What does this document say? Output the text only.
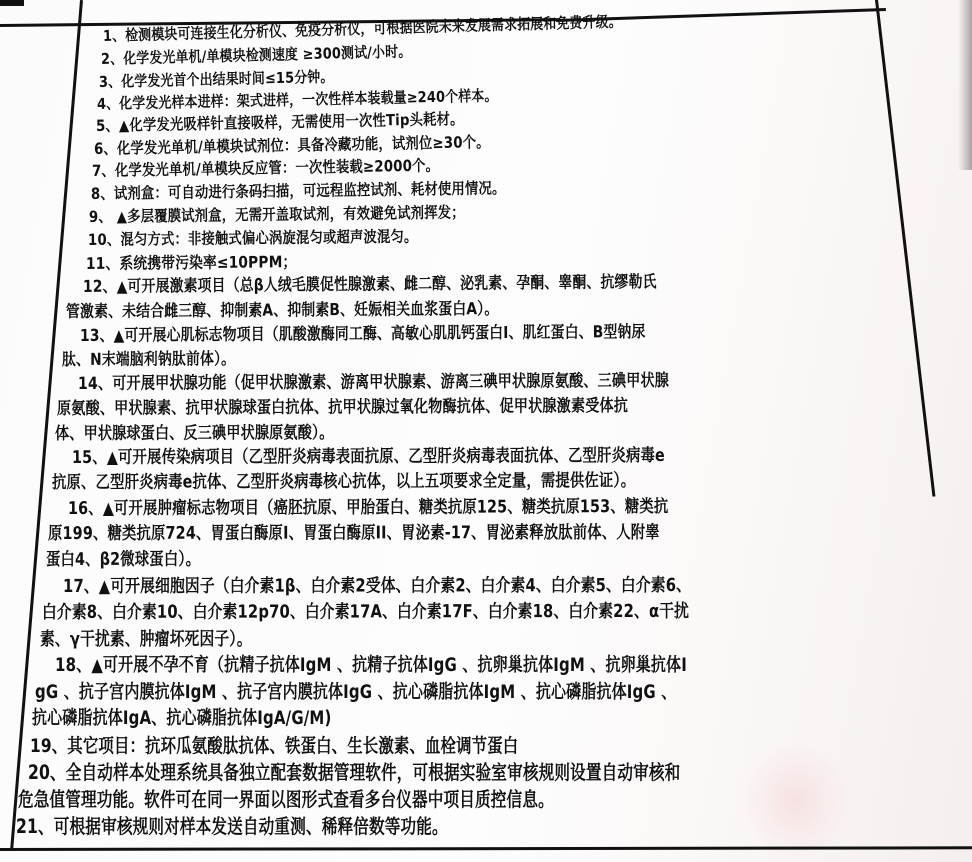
1、检测模块可连接生化分析仪、免疫分析仪，可根据医院未来发展需求拓展和免费升级。
2、化学发光单机/单模块检测速度 ≥300测试/小时。
3、化学发光首个出结果时间≤15分钟。
4、化学发光样本进样：架式进样，一次性样本装载量≥240个样本。
5、▲化学发光吸样针直接吸样，无需使用一次性Tip头耗材。
6、化学发光单机/单模块试剂位：具备冷藏功能，试剂位≥30个。
7、化学发光单机/单模块反应管：一次性装载≥2000个。
8、试剂盒：可自动进行条码扫描，可远程监控试剂、耗材使用情况。
9、 ▲多层覆膜试剂盒，无需开盖取试剂，有效避免试剂挥发；
10、混匀方式：非接触式偏心涡旋混匀或超声波混匀。
11、系统携带污染率≤10PPM；
12、▲可开展激素项目（总β人绒毛膜促性腺激素、雌二醇、泌乳素、孕酮、睾酮、抗缪勒氏
管激素、未结合雌三醇、抑制素A、抑制素B、妊娠相关血浆蛋白A）。
13、▲可开展心肌标志物项目（肌酸激酶同工酶、高敏心肌肌钙蛋白I、肌红蛋白、B型钠尿
肽、N末端脑利钠肽前体）。
14、可开展甲状腺功能（促甲状腺激素、游离甲状腺素、游离三碘甲状腺原氨酸、三碘甲状腺
原氨酸、甲状腺素、抗甲状腺球蛋白抗体、抗甲状腺过氧化物酶抗体、促甲状腺激素受体抗
体、甲状腺球蛋白、反三碘甲状腺原氨酸）。
15、▲可开展传染病项目（乙型肝炎病毒表面抗原、乙型肝炎病毒表面抗体、乙型肝炎病毒e
抗原、乙型肝炎病毒e抗体、乙型肝炎病毒核心抗体，以上五项要求全定量，需提供佐证）。
16、▲可开展肿瘤标志物项目（癌胚抗原、甲胎蛋白、糖类抗原125、糖类抗原153、糖类抗
原199、糖类抗原724、胃蛋白酶原I、胃蛋白酶原II、胃泌素-17、胃泌素释放肽前体、人附睾
蛋白4、β2微球蛋白）。
17、▲可开展细胞因子（白介素1β、白介素2受体、白介素2、白介素4、白介素5、白介素6、
白介素8、白介素10、白介素12p70、白介素17A、白介素17F、白介素18、白介素22、α干扰
素、γ干扰素、肿瘤坏死因子）。
18、▲可开展不孕不育（抗精子抗体IgM 、抗精子抗体IgG 、抗卵巢抗体IgM 、抗卵巢抗体I
gG 、抗子宫内膜抗体IgM 、抗子宫内膜抗体IgG 、抗心磷脂抗体IgM 、抗心磷脂抗体IgG 、
抗心磷脂抗体IgA、抗心磷脂抗体IgA/G/M)
19、其它项目：抗环瓜氨酸肽抗体、铁蛋白、生长激素、血栓调节蛋白
20、全自动样本处理系统具备独立配套数据管理软件，可根据实验室审核规则设置自动审核和
危急值管理功能。软件可在同一界面以图形式查看多台仪器中项目质控信息。
21、可根据审核规则对样本发送自动重测、稀释倍数等功能。
